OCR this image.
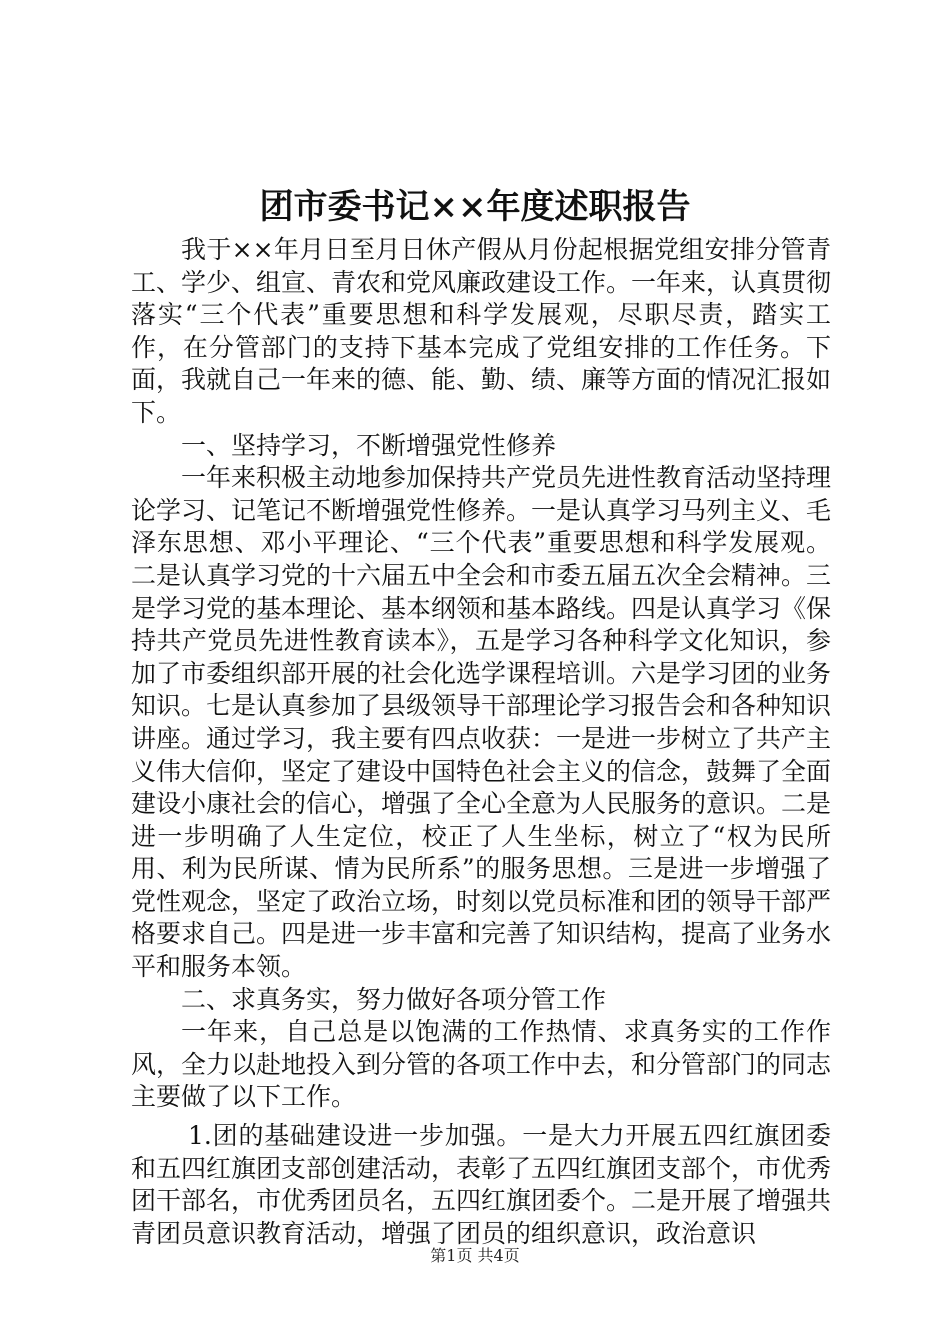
团市委书记××年度述职报告

我于××年月日至月日休产假从月份起根据党组安排分管青工、学少、组宣、青农和党风廉政建设工作。一年来，认真贯彻落实“三个代表”重要思想和科学发展观，尽职尽责，踏实工作，在分管部门的支持下基本完成了党组安排的工作任务。下面，我就自己一年来的德、能、勤、绩、廉等方面的情况汇报如下。

一、坚持学习，不断增强党性修养

一年来积极主动地参加保持共产党员先进性教育活动坚持理论学习、记笔记不断增强党性修养。一是认真学习马列主义、毛泽东思想、邓小平理论、“三个代表”重要思想和科学发展观。二是认真学习党的十六届五中全会和市委五届五次全会精神。三是学习党的基本理论、基本纲领和基本路线。四是认真学习《保持共产党员先进性教育读本》，五是学习各种科学文化知识，参加了市委组织部开展的社会化选学课程培训。六是学习团的业务知识。七是认真参加了县级领导干部理论学习报告会和各种知识讲座。通过学习，我主要有四点收获：一是进一步树立了共产主义伟大信仰，坚定了建设中国特色社会主义的信念，鼓舞了全面建设小康社会的信心，增强了全心全意为人民服务的意识。二是进一步明确了人生定位，校正了人生坐标，树立了“权为民所用、利为民所谋、情为民所系”的服务思想。三是进一步增强了党性观念，坚定了政治立场，时刻以党员标准和团的领导干部严格要求自己。四是进一步丰富和完善了知识结构，提高了业务水平和服务本领。

二、求真务实，努力做好各项分管工作

一年来，自己总是以饱满的工作热情、求真务实的工作作风，全力以赴地投入到分管的各项工作中去，和分管部门的同志主要做了以下工作。

1.团的基础建设进一步加强。一是大力开展五四红旗团委和五四红旗团支部创建活动，表彰了五四红旗团支部个，市优秀团干部名，市优秀团员名，五四红旗团委个。二是开展了增强共青团员意识教育活动，增强了团员的组织意识，政治意识

第1页 共4页
